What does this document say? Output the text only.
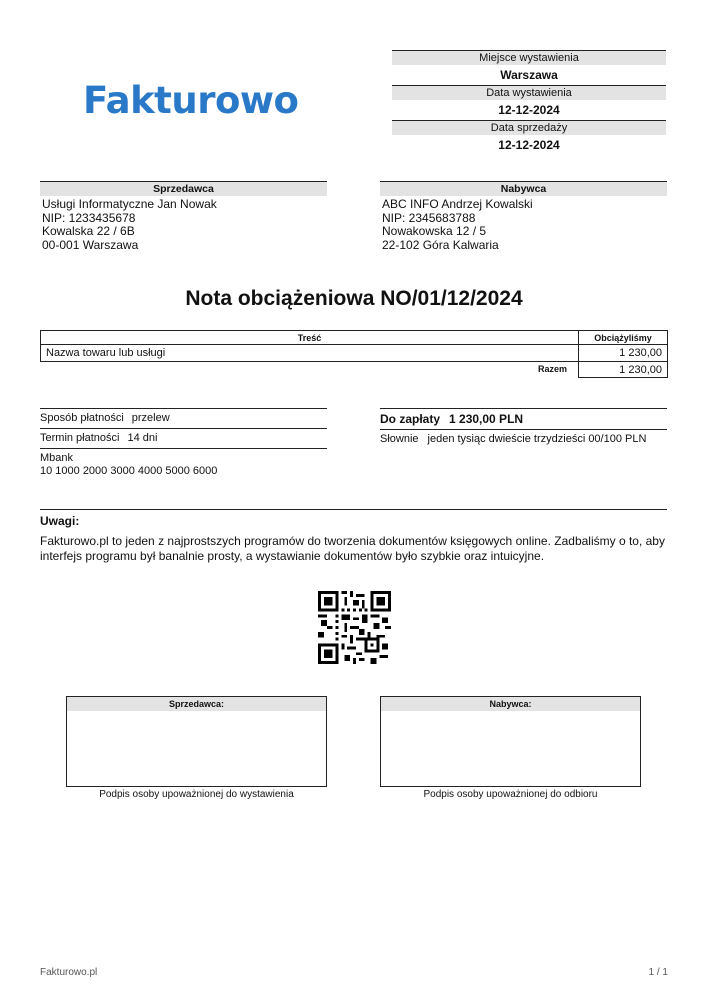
Fakturowo
Miejsce wystawienia
Warszawa
Data wystawienia
12-12-2024
Data sprzedaży
12-12-2024
Sprzedawca
Usługi Informatyczne Jan Nowak
NIP: 1233435678
Kowalska 22 / 6B
00-001 Warszawa
Nabywca
ABC INFO Andrzej Kowalski
NIP: 2345683788
Nowakowska 12 / 5
22-102 Góra Kalwaria
Nota obciążeniowa NO/01/12/2024
Treść	Obciążyliśmy
Nazwa towaru lub usługi	1 230,00
Razem	1 230,00
Sposób płatności przelew
Termin płatności 14 dni
Mbank
10 1000 2000 3000 4000 5000 6000
Do zapłaty 1 230,00 PLN
Słownie jeden tysiąc dwieście trzydzieści 00/100 PLN
Uwagi:
Fakturowo.pl to jeden z najprostszych programów do tworzenia dokumentów księgowych online. Zadbaliśmy o to, aby interfejs programu był banalnie prosty, a wystawianie dokumentów było szybkie oraz intuicyjne.
Sprzedawca:
Podpis osoby upoważnionej do wystawienia
Nabywca:
Podpis osoby upoważnionej do odbioru
Fakturowo.pl	1 / 1
